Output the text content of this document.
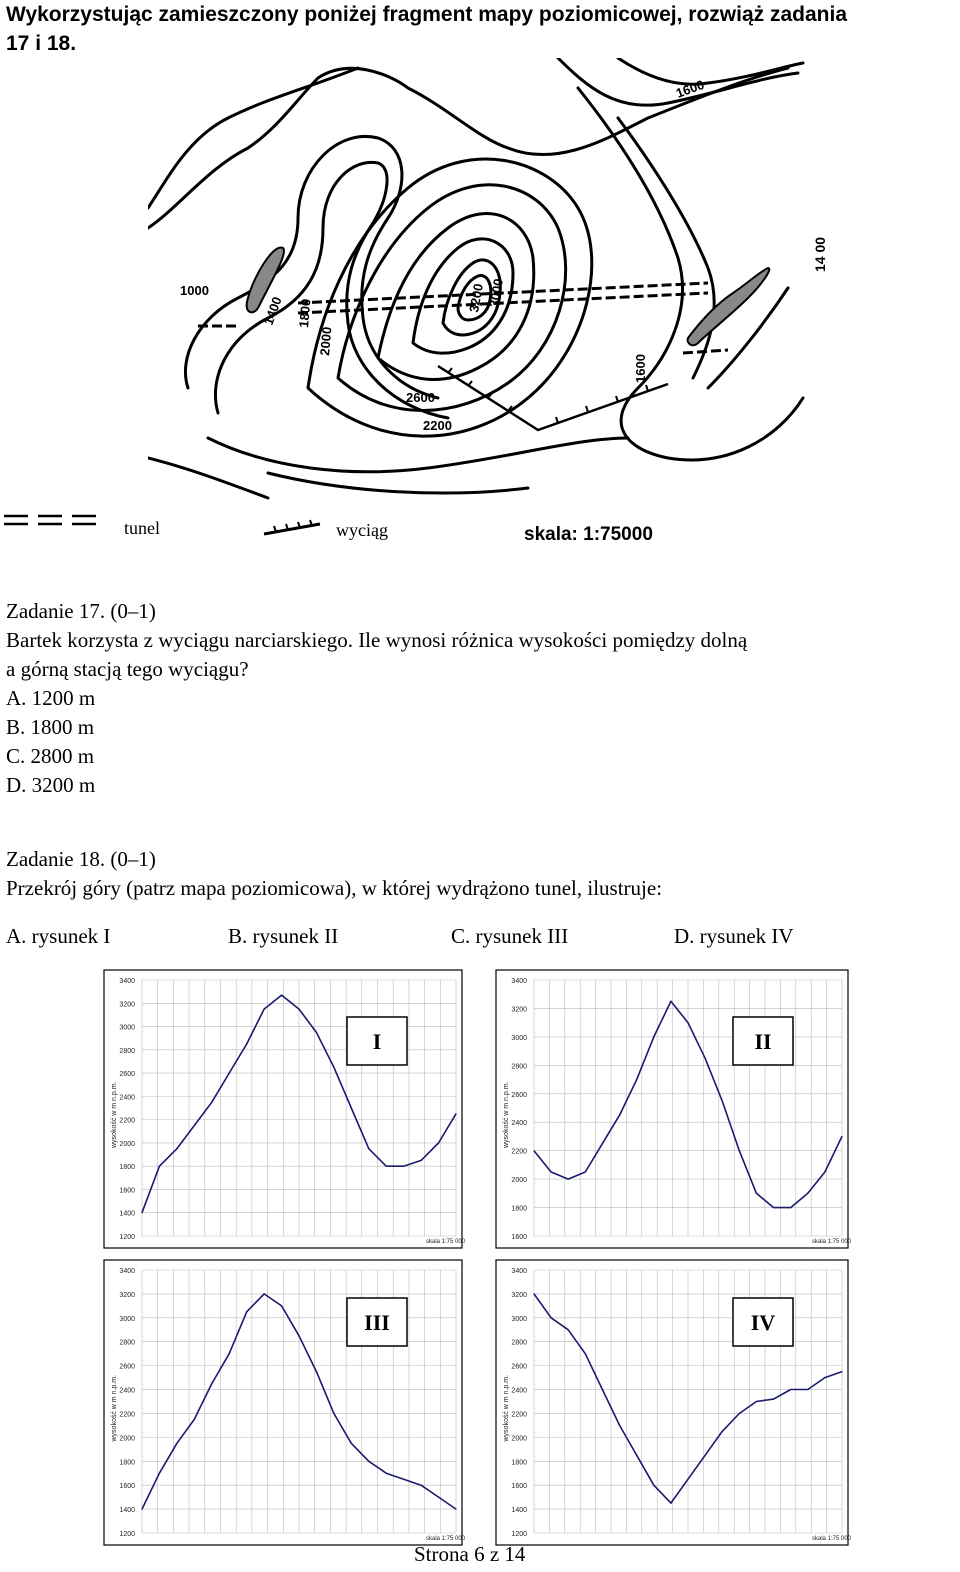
Wykorzystując zamieszczony poniżej fragment mapy poziomicowej, rozwiąż zadania
17 i 18.
1000
1400 1800
2000
2200
2600
3200 3000
1600
1600
14 00
tunel	wyciąg	skala: 1:75000
Zadanie 17. (0–1)
Bartek korzysta z wyciągu narciarskiego. Ile wynosi różnica wysokości pomiędzy dolną
a górną stacją tego wyciągu?
A. 1200 m
B. 1800 m
C. 2800 m
D. 3200 m
Zadanie 18. (0–1)
Przekrój góry (patrz mapa poziomicowa), w której wydrążono tunel, ilustruje:
A. rysunek I	B. rysunek II	C. rysunek III	D. rysunek IV
3400
3200
3000
2800
2600
2400
2200
2000
1800
1600
1400
1200
wysokość w m n.p.m.
skala 1:75 000
I
3400
3200
3000
2800
2600
2400
2200
2000
1800
1600
wysokość w m n.p.m.
skala 1:75 000
II
3400
3200
3000
2800
2600
2400
2200
2000
1800
1600
1400
1200
wysokość w m n.p.m.
skala 1:75 000
III
3400
3200
3000
2800
2600
2400
2200
2000
1800
1600
1400
1200
wysokość w m n.p.m.
skala 1:75 000
IV
Strona 6 z 14
